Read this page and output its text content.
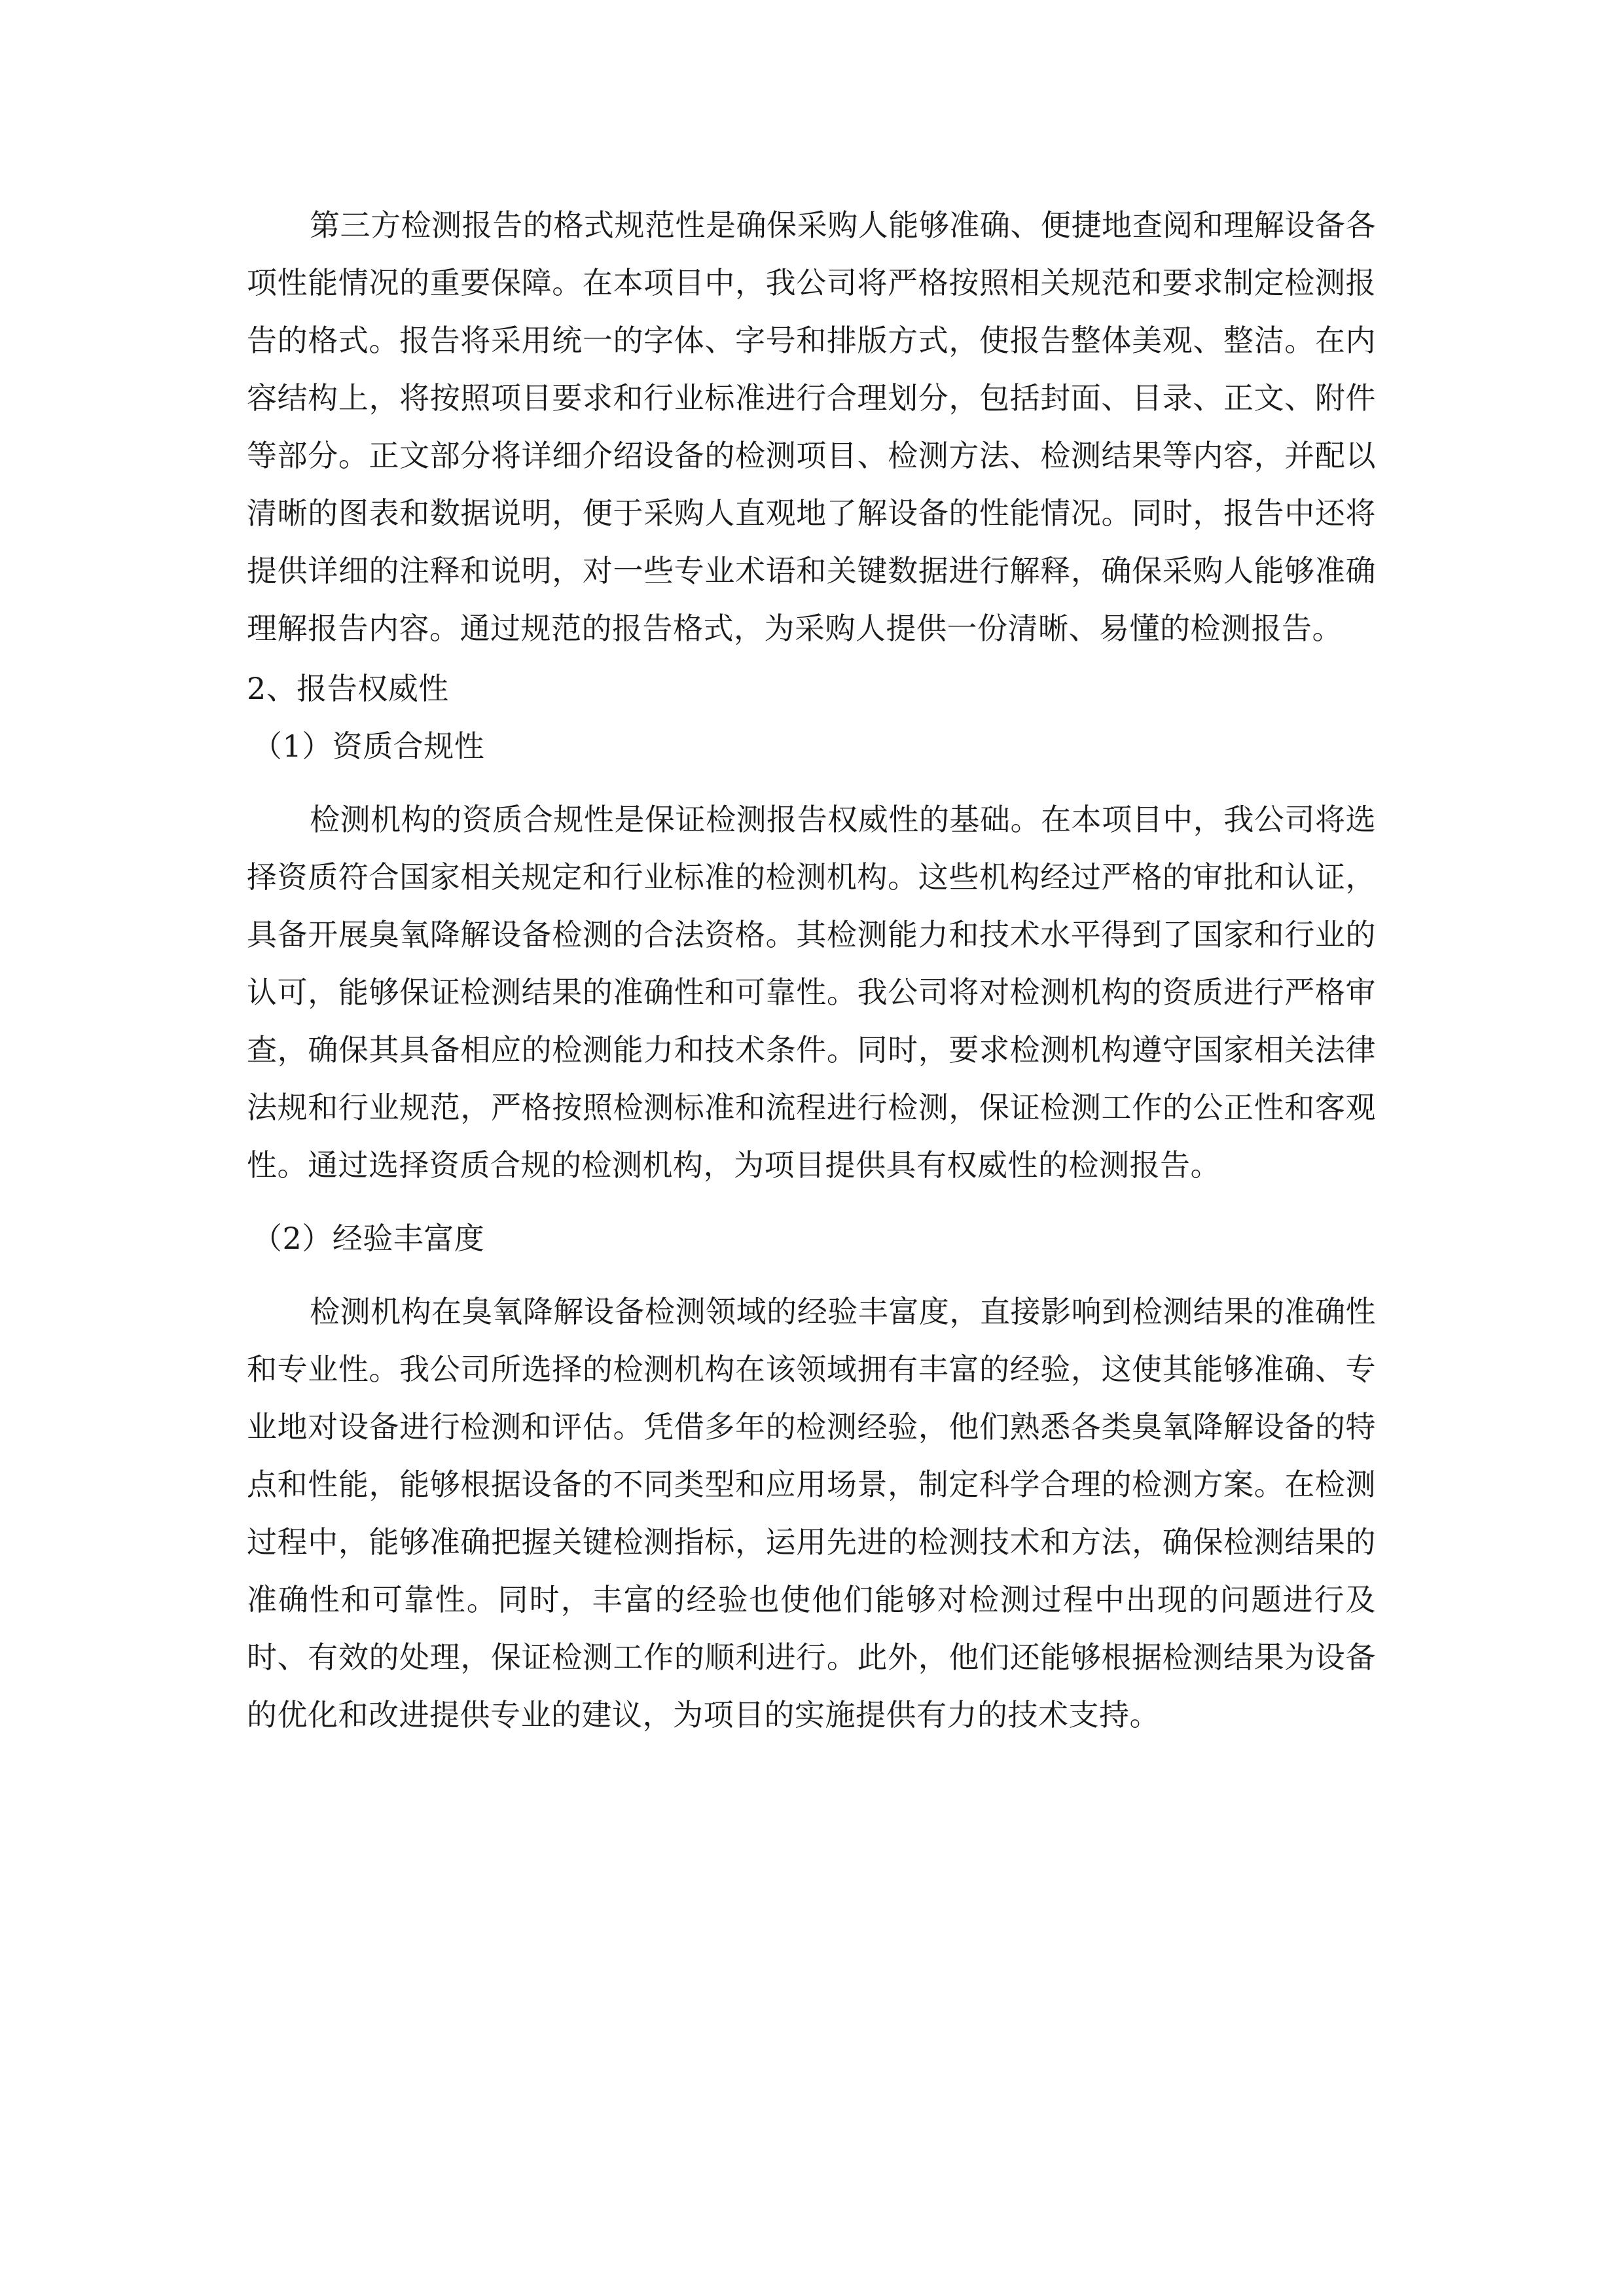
第三方检测报告的格式规范性是确保采购人能够准确、便捷地查阅和理解设备各项性能情况的重要保障。在本项目中，我公司将严格按照相关规范和要求制定检测报告的格式。报告将采用统一的字体、字号和排版方式，使报告整体美观、整洁。在内容结构上，将按照项目要求和行业标准进行合理划分，包括封面、目录、正文、附件等部分。正文部分将详细介绍设备的检测项目、检测方法、检测结果等内容，并配以清晰的图表和数据说明，便于采购人直观地了解设备的性能情况。同时，报告中还将提供详细的注释和说明，对一些专业术语和关键数据进行解释，确保采购人能够准确理解报告内容。通过规范的报告格式，为采购人提供一份清晰、易懂的检测报告。

2、报告权威性

（1）资质合规性

检测机构的资质合规性是保证检测报告权威性的基础。在本项目中，我公司将选择资质符合国家相关规定和行业标准的检测机构。这些机构经过严格的审批和认证，具备开展臭氧降解设备检测的合法资格。其检测能力和技术水平得到了国家和行业的认可，能够保证检测结果的准确性和可靠性。我公司将对检测机构的资质进行严格审查，确保其具备相应的检测能力和技术条件。同时，要求检测机构遵守国家相关法律法规和行业规范，严格按照检测标准和流程进行检测，保证检测工作的公正性和客观性。通过选择资质合规的检测机构，为项目提供具有权威性的检测报告。

（2）经验丰富度

检测机构在臭氧降解设备检测领域的经验丰富度，直接影响到检测结果的准确性和专业性。我公司所选择的检测机构在该领域拥有丰富的经验，这使其能够准确、专业地对设备进行检测和评估。凭借多年的检测经验，他们熟悉各类臭氧降解设备的特点和性能，能够根据设备的不同类型和应用场景，制定科学合理的检测方案。在检测过程中，能够准确把握关键检测指标，运用先进的检测技术和方法，确保检测结果的准确性和可靠性。同时，丰富的经验也使他们能够对检测过程中出现的问题进行及时、有效的处理，保证检测工作的顺利进行。此外，他们还能够根据检测结果为设备的优化和改进提供专业的建议，为项目的实施提供有力的技术支持。
